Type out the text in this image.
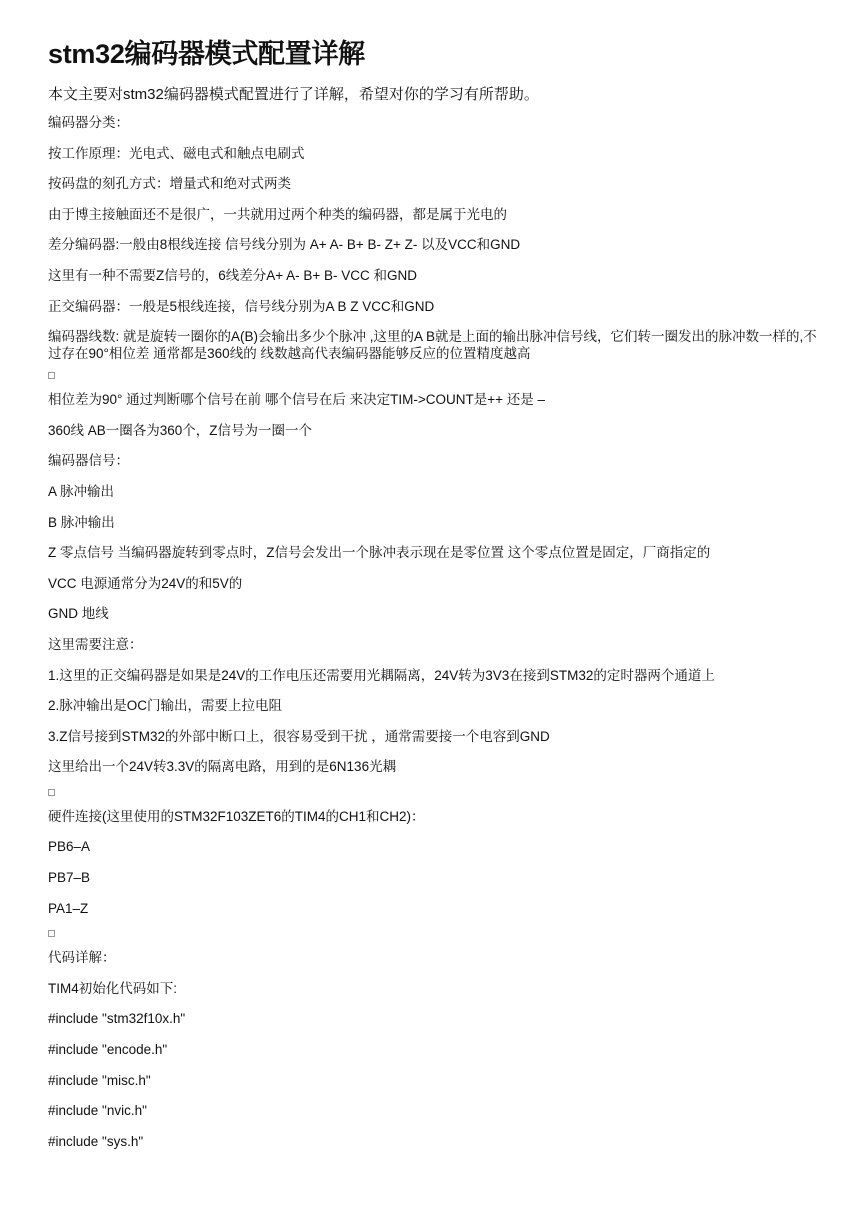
stm32编码器模式配置详解

本文主要对stm32编码器模式配置进行了详解，希望对你的学习有所帮助。

编码器分类：

按工作原理：光电式、磁电式和触点电刷式

按码盘的刻孔方式：增量式和绝对式两类

由于博主接触面还不是很广，一共就用过两个种类的编码器，都是属于光电的

差分编码器:一般由8根线连接 信号线分别为 A+ A- B+ B- Z+ Z- 以及VCC和GND

这里有一种不需要Z信号的，6线差分A+ A- B+ B- VCC 和GND

正交编码器：一般是5根线连接，信号线分别为A B Z VCC和GND

编码器线数: 就是旋转一圈你的A(B)会输出多少个脉冲 ,这里的A B就是上面的输出脉冲信号线，它们转一圈发出的脉冲数一样的,不过存在90°相位差 通常都是360线的 线数越高代表编码器能够反应的位置精度越高

相位差为90° 通过判断哪个信号在前 哪个信号在后 来决定TIM->COUNT是++ 还是 –

360线 AB一圈各为360个，Z信号为一圈一个

编码器信号：

A 脉冲输出

B 脉冲输出

Z 零点信号 当编码器旋转到零点时，Z信号会发出一个脉冲表示现在是零位置 这个零点位置是固定，厂商指定的

VCC 电源通常分为24V的和5V的

GND 地线

这里需要注意：

1.这里的正交编码器是如果是24V的工作电压还需要用光耦隔离，24V转为3V3在接到STM32的定时器两个通道上

2.脉冲输出是OC门输出，需要上拉电阻

3.Z信号接到STM32的外部中断口上，很容易受到干扰 ，通常需要接一个电容到GND

这里给出一个24V转3.3V的隔离电路，用到的是6N136光耦

硬件连接(这里使用的STM32F103ZET6的TIM4的CH1和CH2)：

PB6–A

PB7–B

PA1–Z

代码详解：

TIM4初始化代码如下:

#include "stm32f10x.h"

#include "encode.h"

#include "misc.h"

#include "nvic.h"

#include "sys.h"
